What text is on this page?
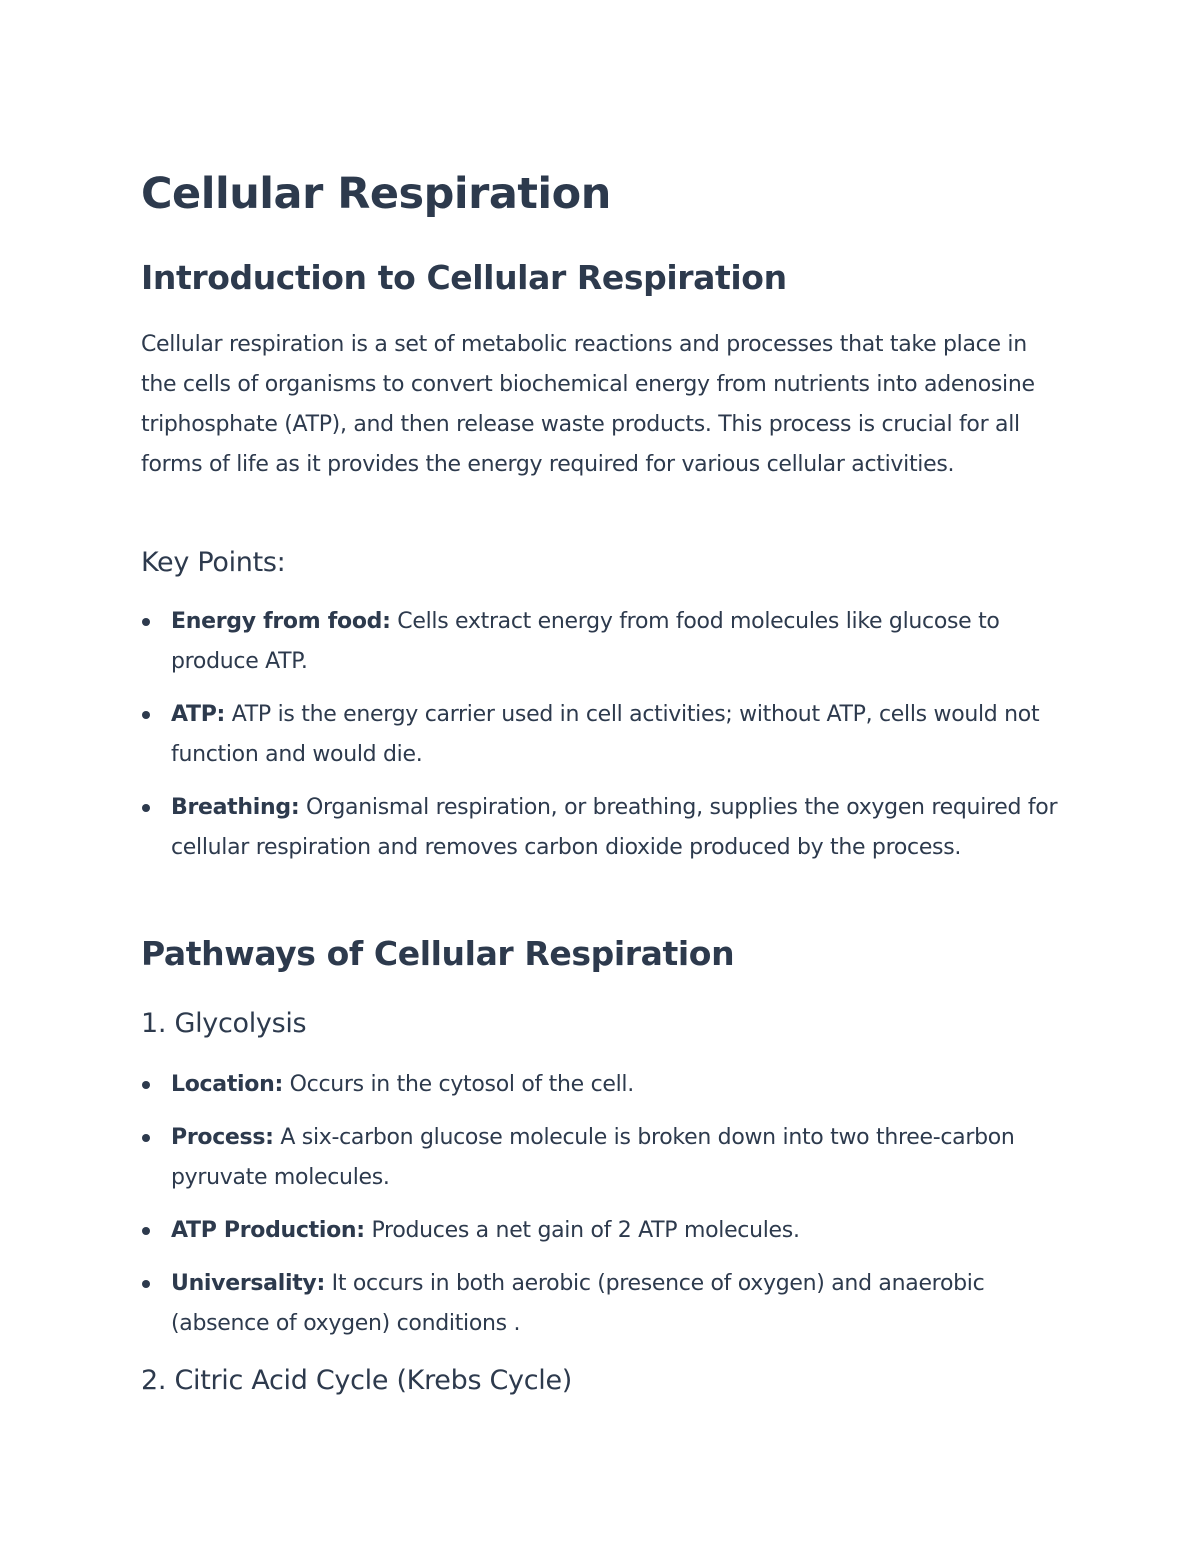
Cellular Respiration
Introduction to Cellular Respiration

Cellular respiration is a set of metabolic reactions and processes that take place in the cells of organisms to convert biochemical energy from nutrients into adenosine triphosphate (ATP), and then release waste products. This process is crucial for all forms of life as it provides the energy required for various cellular activities.

Key Points:
Energy from food: Cells extract energy from food molecules like glucose to produce ATP.
ATP: ATP is the energy carrier used in cell activities; without ATP, cells would not function and would die.
Breathing: Organismal respiration, or breathing, supplies the oxygen required for cellular respiration and removes carbon dioxide produced by the process.
Pathways of Cellular Respiration
1. Glycolysis
Location: Occurs in the cytosol of the cell.
Process: A six-carbon glucose molecule is broken down into two three-carbon pyruvate molecules.
ATP Production: Produces a net gain of 2 ATP molecules.
Universality: It occurs in both aerobic (presence of oxygen) and anaerobic (absence of oxygen) conditions .
2. Citric Acid Cycle (Krebs Cycle)
